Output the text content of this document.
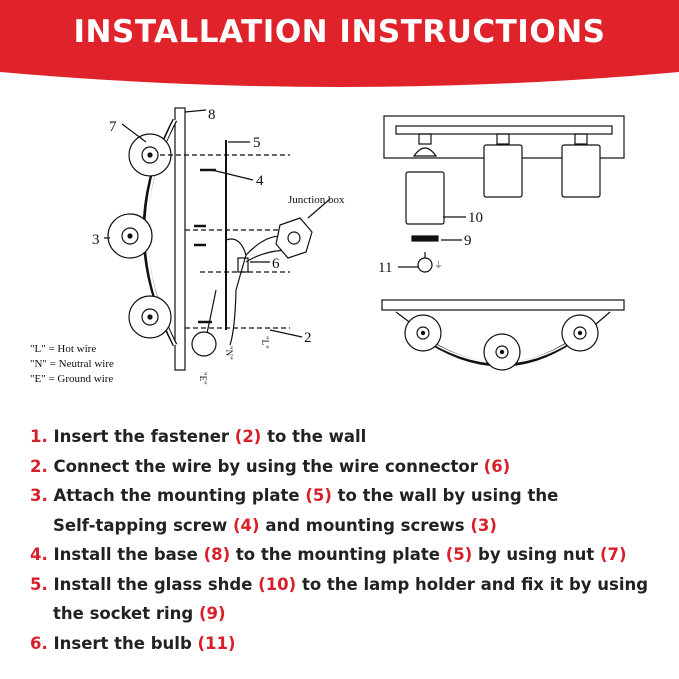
INSTALLATION INSTRUCTIONS
7
8
5
4
3
6
2
Junction box
"L" = Hot wire
"N" = Neutral wire
"E" = Ground wire
"L"
"N"
"E"
⏚
10
9
11
1. Insert the fastener (2) to the wall
2. Connect the wire by using the wire connector (6)
3. Attach the mounting plate (5) to the wall by using the
Self-tapping screw (4) and mounting screws (3)
4. Install the base (8) to the mounting plate (5) by using nut (7)
5. Install the glass shde (10) to the lamp holder and fix it by using
the socket ring (9)
6. Insert the bulb (11)
